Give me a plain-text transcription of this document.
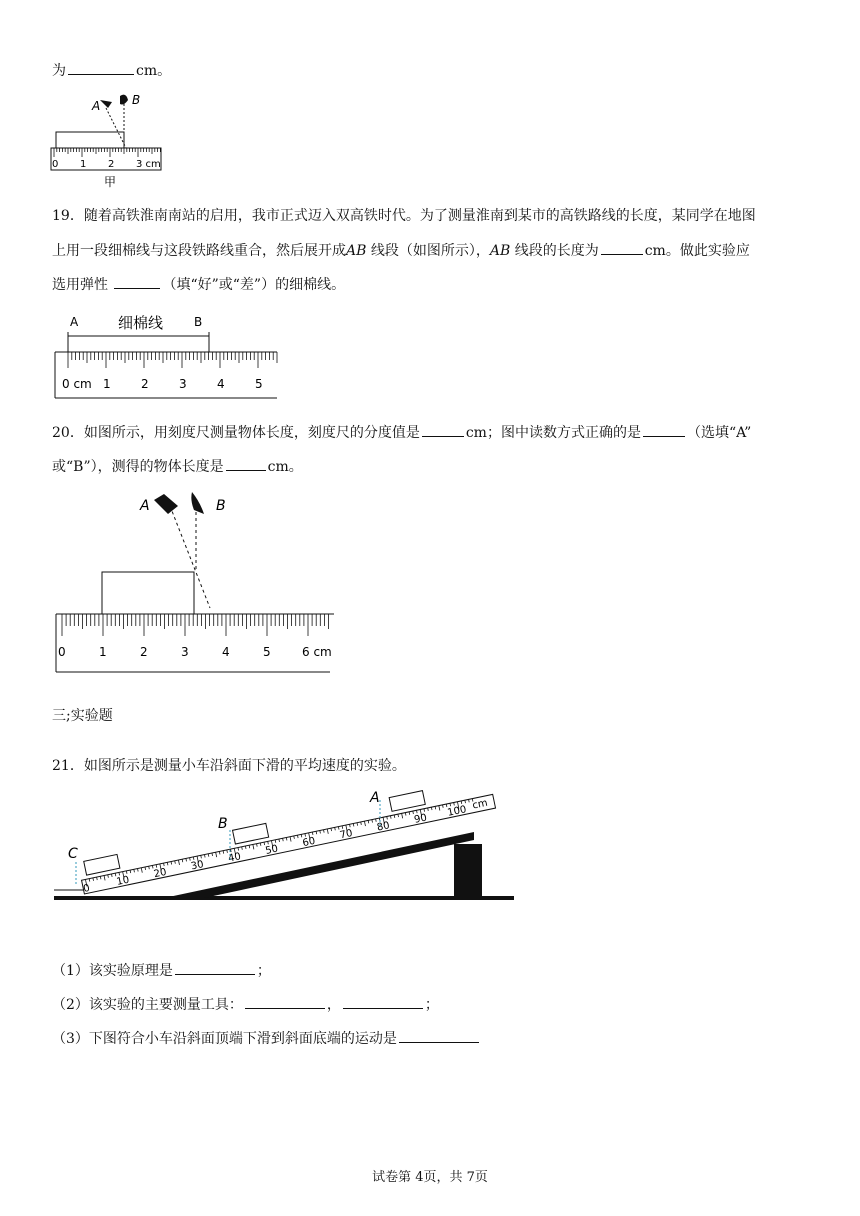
为	cm。
A	B
0 1 2 3 cm
甲
19．随着高铁淮南南站的启用，我市正式迈入双高铁时代。为了测量淮南到某市的高铁路线的长度，某同学在地图
上用一段细棉线与这段铁路线重合，然后展开成AB 线段（如图所示），AB 线段的长度为	cm。做此实验应
选用弹性	（填“好”或“差”）的细棉线。
A	B
细棉线
0 cm 1	2	3	4	5
20．如图所示，用刻度尺测量物体长度，刻度尺的分度值是	cm；图中读数方式正确的是	（选填“A”
或“B”），测得的物体长度是	cm。
A	B
0	1	2	3	4	5	6 cm
三;实验题
21．如图所示是测量小车沿斜面下滑的平均速度的实验。
0
10
20
30
40
50
60
70
80
90
100 cm
C
B
A
（1）该实验原理是	；
（2）该实验的主要测量工具：	，	；
（3）下图符合小车沿斜面顶端下滑到斜面底端的运动是
试卷第 4页，共 7页
